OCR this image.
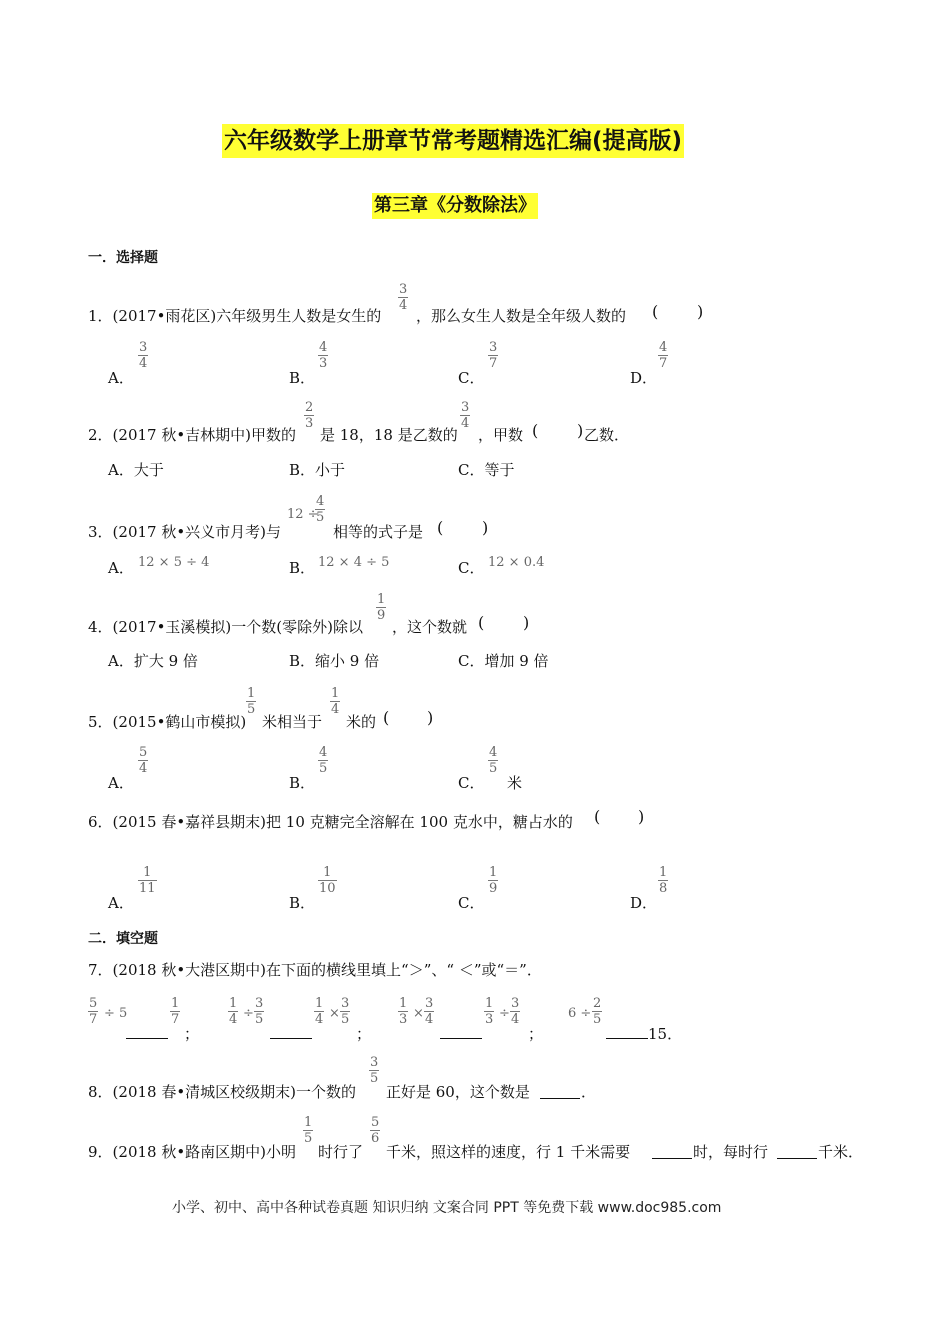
六年级数学上册章节常考题精选汇编(提高版)
第三章《分数除法》
一．选择题
1．(2017•雨花区)六年级男生人数是女生的
$\frac{3}{4}$
，那么女生人数是全年级人数的 ( )
A．
$\frac{3}{4}$
B．
$\frac{4}{3}$
C．
$\frac{3}{7}$
D．
$\frac{4}{7}$
2．(2017 秋•吉林期中)甲数的
$\frac{2}{3}$
是 18，18 是乙数的
$\frac{3}{4}$
，甲数 ( ) 乙数．
A．大于	B．小于	C．等于
3．(2017 秋•兴义市月考)与
12 ÷
$\frac{4}{5}$
相等的式子是 ( )
A． 12 × 5 ÷ 4	B． 12 × 4 ÷ 5	C． 12 × 0.4
4．(2017•玉溪模拟)一个数(零除外)除以
$\frac{1}{9}$
，这个数就 ( )
A．扩大 9 倍	B．缩小 9 倍	C．增加 9 倍
5．(2015•鹤山市模拟)
$\frac{1}{5}$
米相当于
$\frac{1}{4}$
米的 ( )
A．
$\frac{5}{4}$
B．
$\frac{4}{5}$
C．
$\frac{4}{5}$
米
6．(2015 春•嘉祥县期末)把 10 克糖完全溶解在 100 克水中，糖占水的 ( )
A．
$\frac{1}{11}$
B．
$\frac{1}{10}$
C．
$\frac{1}{9}$
D．
$\frac{1}{8}$
二．填空题
7．(2018 秋•大港区期中)在下面的横线里填上“＞”、“ ＜”或“＝”．
$\frac{5}{7} \div 5$	$\frac{1}{7}$
；
$\frac{1}{4} \div \frac{3}{5}$	$\frac{1}{4} \times \frac{3}{5}$
；
$\frac{1}{3} \times \frac{3}{4}$	$\frac{1}{3} \div \frac{3}{4}$
；
$6 \div \frac{2}{5}$
15．
8．(2018 春•清城区校级期末)一个数的
$\frac{3}{5}$
正好是 60，这个数是	．
9．(2018 秋•路南区期中)小明
$\frac{1}{5}$
时行了
$\frac{5}{6}$
千米，照这样的速度，行 1 千米需要	时，每时行	千米．
小学、初中、高中各种试卷真题 知识归纳 文案合同 PPT 等免费下载 www.doc985.com
